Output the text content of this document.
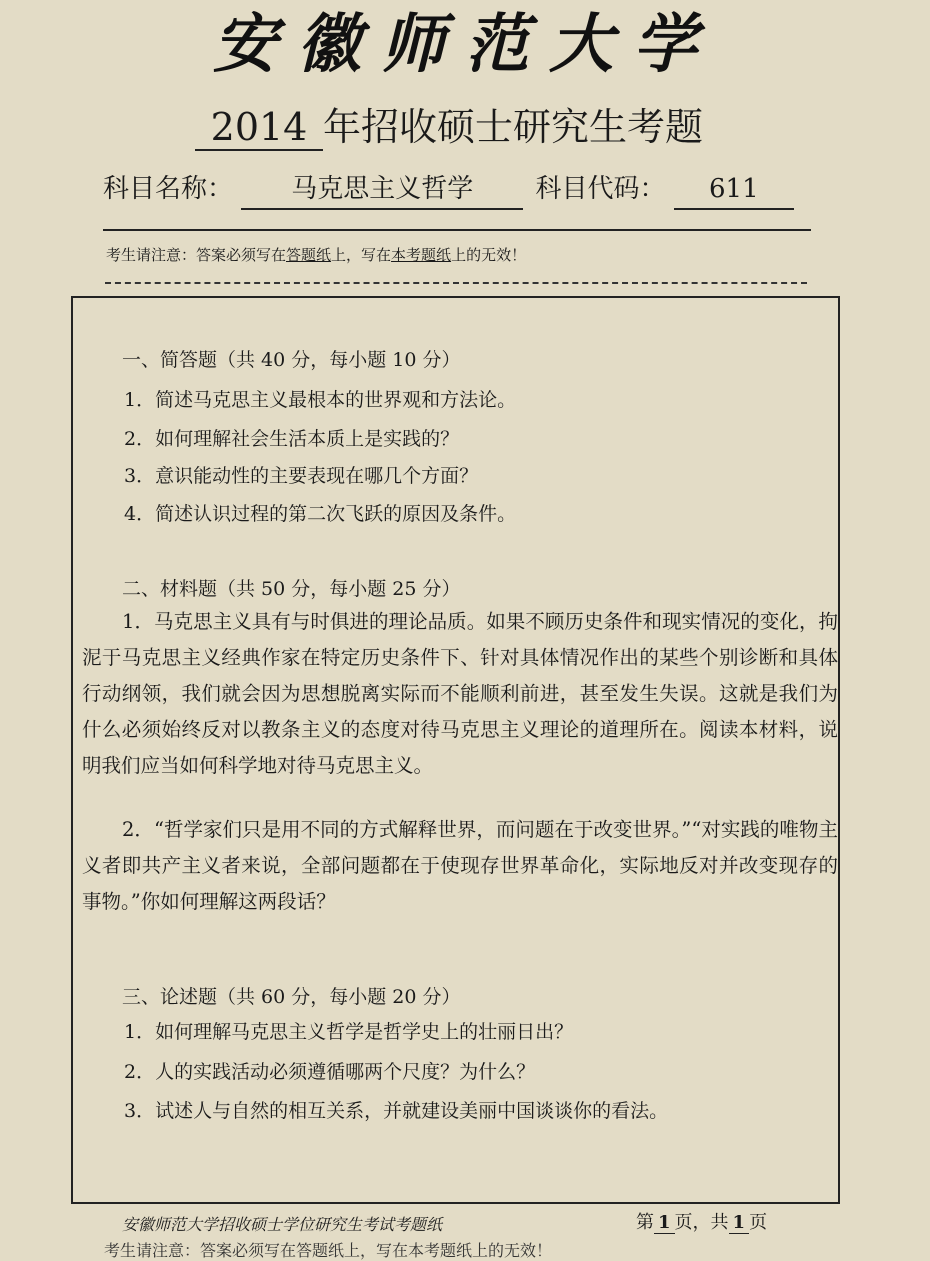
安徽师范大学
2014 年招收硕士研究生考题
科目名称： 马克思主义哲学 科目代码： 611
考生请注意：答案必须写在答题纸上，写在本考题纸上的无效！
一、简答题（共 40 分，每小题 10 分）
1．简述马克思主义最根本的世界观和方法论。
2．如何理解社会生活本质上是实践的？
3．意识能动性的主要表现在哪几个方面？
4．简述认识过程的第二次飞跃的原因及条件。
二、材料题（共 50 分，每小题 25 分）
1．马克思主义具有与时俱进的理论品质。如果不顾历史条件和现实情况的变化，拘泥于马克思主义经典作家在特定历史条件下、针对具体情况作出的某些个别诊断和具体行动纲领，我们就会因为思想脱离实际而不能顺利前进，甚至发生失误。这就是我们为什么必须始终反对以教条主义的态度对待马克思主义理论的道理所在。阅读本材料，说明我们应当如何科学地对待马克思主义。
2．“哲学家们只是用不同的方式解释世界，而问题在于改变世界。”“对实践的唯物主义者即共产主义者来说，全部问题都在于使现存世界革命化，实际地反对并改变现存的事物。”你如何理解这两段话？
三、论述题（共 60 分，每小题 20 分）
1．如何理解马克思主义哲学是哲学史上的壮丽日出？
2．人的实践活动必须遵循哪两个尺度？为什么？
3．试述人与自然的相互关系，并就建设美丽中国谈谈你的看法。
安徽师范大学招收硕士学位研究生考试考题纸	第 1 页，共 1 页
考生请注意：答案必须写在答题纸上，写在本考题纸上的无效！
